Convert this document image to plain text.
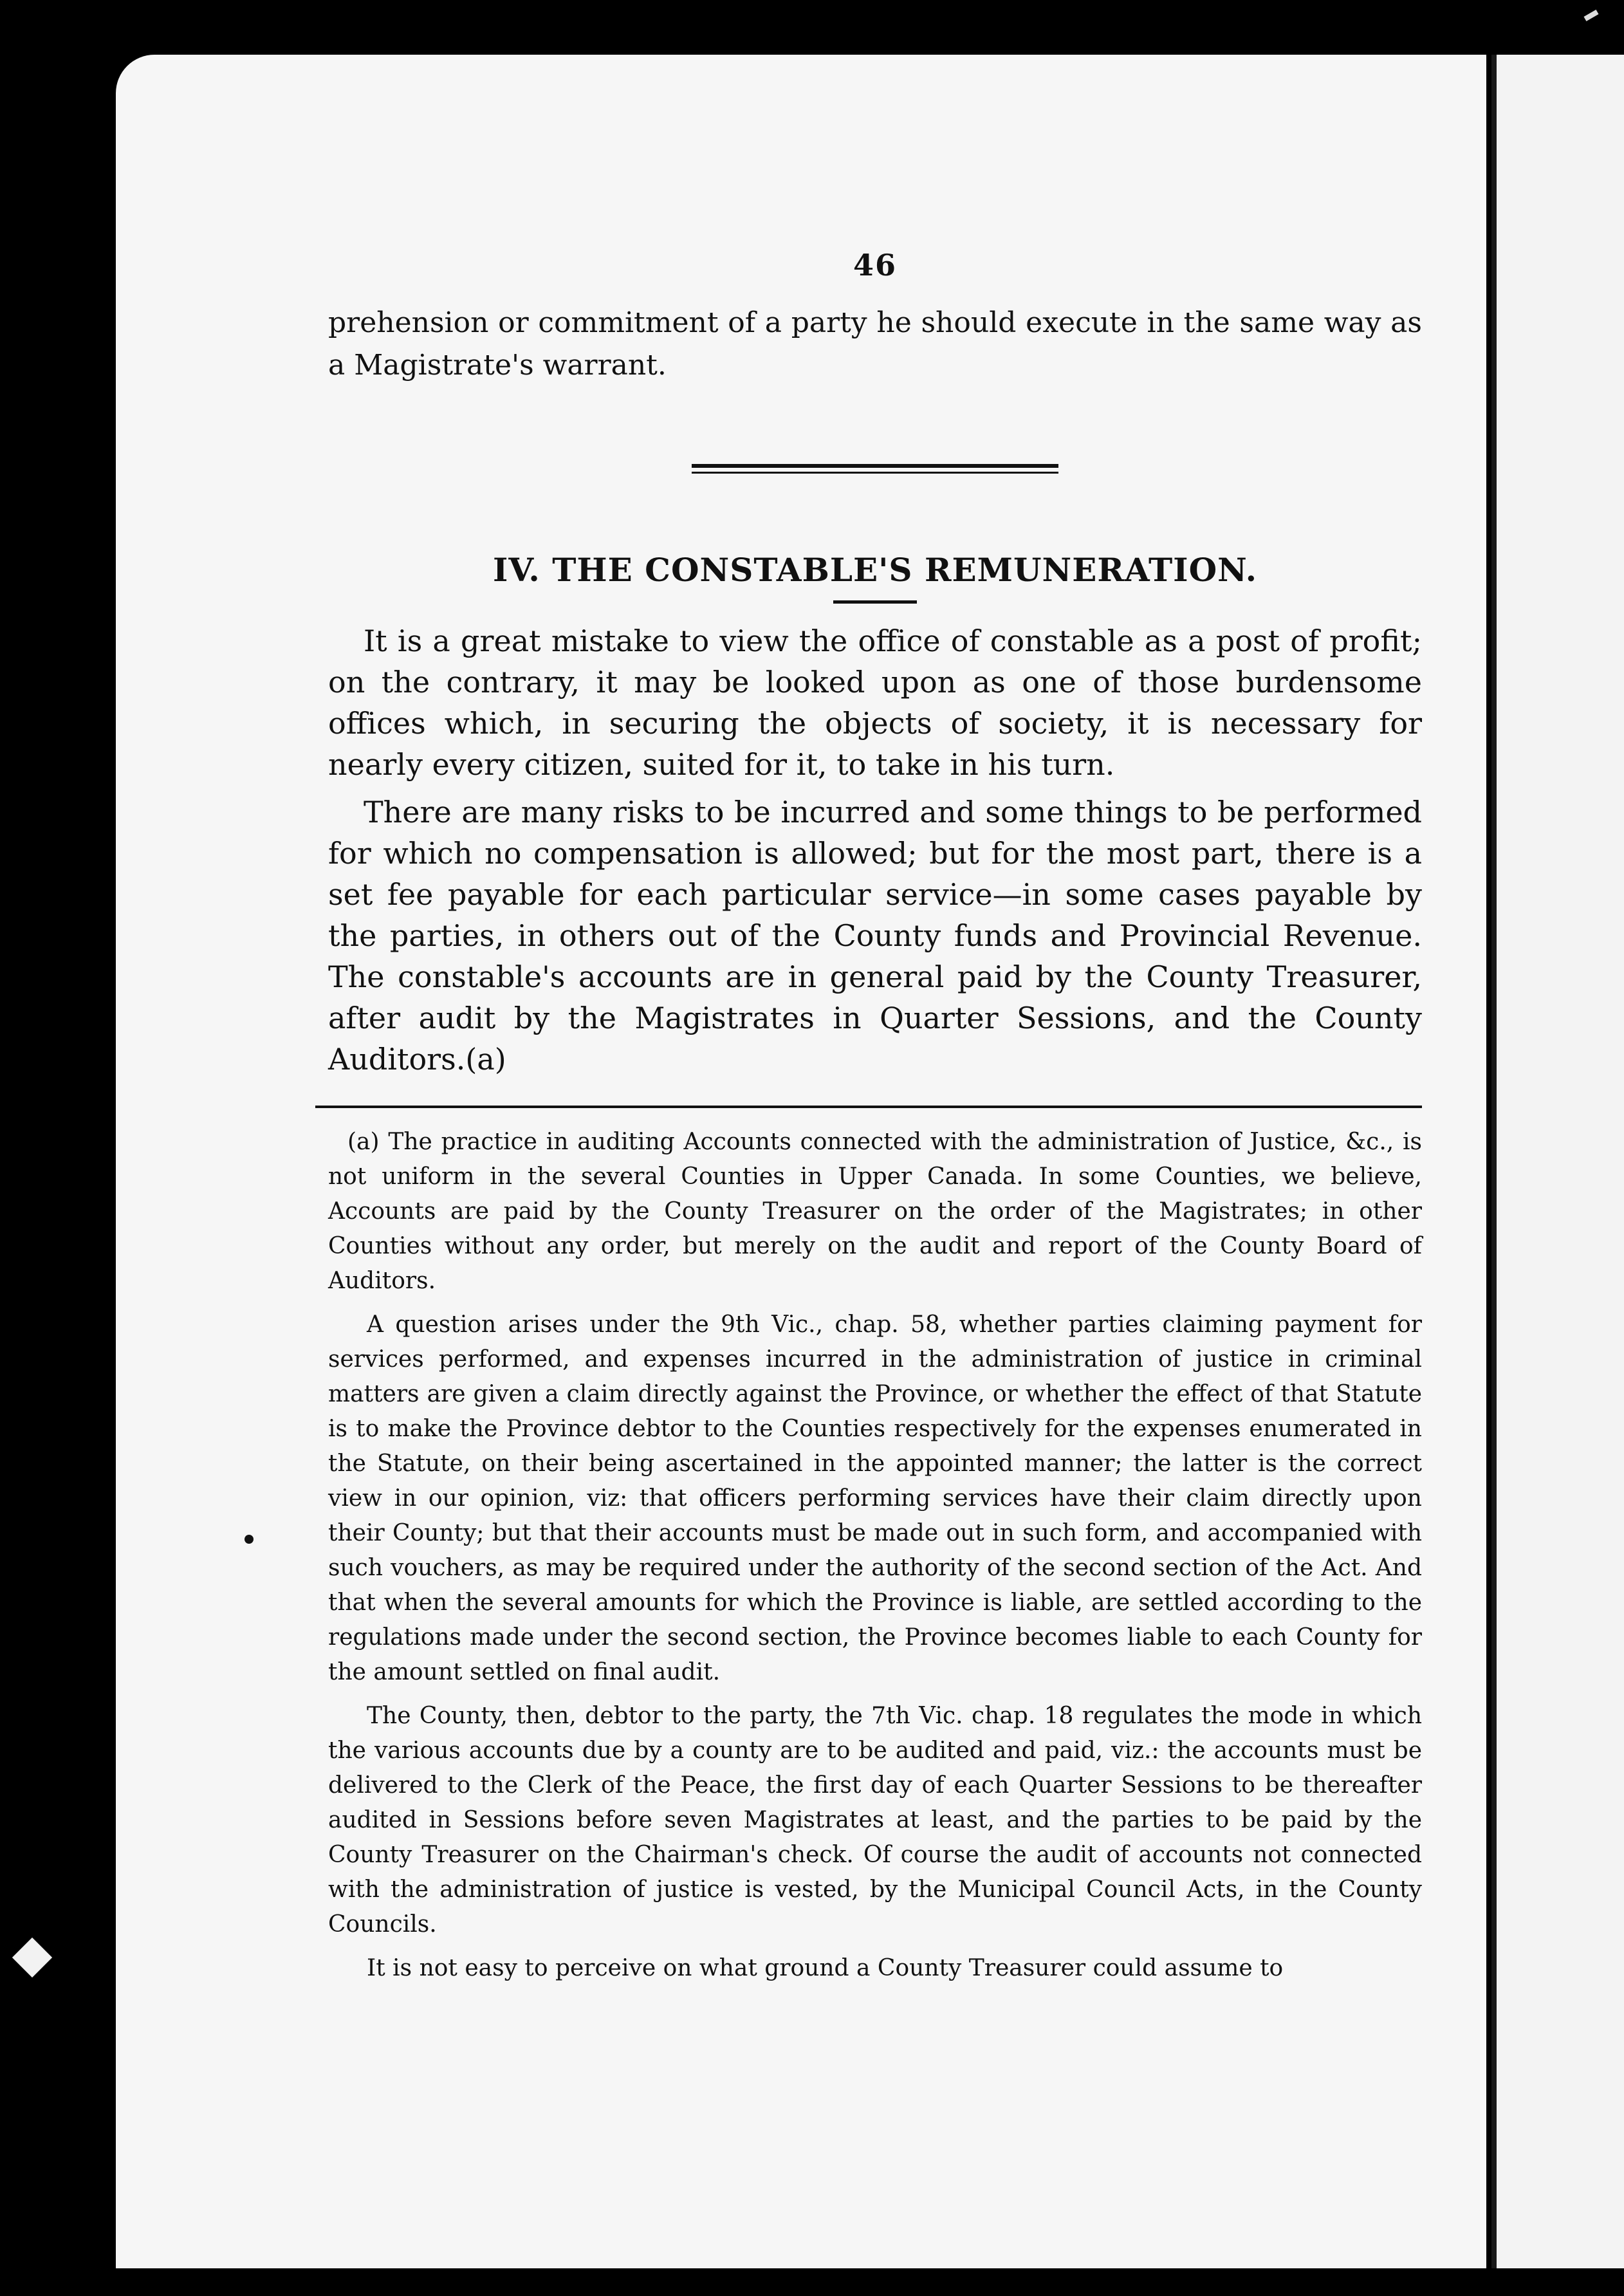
46

prehension or commitment of a party he should execute in the same way as a Magistrate's warrant.

IV. THE CONSTABLE'S REMUNERATION.

It is a great mistake to view the office of constable as a post of profit; on the contrary, it may be looked upon as one of those burdensome offices which, in securing the objects of society, it is necessary for nearly every citizen, suited for it, to take in his turn.

There are many risks to be incurred and some things to be performed for which no compensation is allowed; but for the most part, there is a set fee payable for each particular service—in some cases payable by the parties, in others out of the County funds and Provincial Revenue. The constable's accounts are in general paid by the County Treasurer, after audit by the Magistrates in Quarter Sessions, and the County Auditors.(a)

(a) The practice in auditing Accounts connected with the administration of Justice, &c., is not uniform in the several Counties in Upper Canada. In some Counties, we believe, Accounts are paid by the County Treasurer on the order of the Magistrates; in other Counties without any order, but merely on the audit and report of the County Board of Auditors.

A question arises under the 9th Vic., chap. 58, whether parties claiming payment for services performed, and expenses incurred in the administration of justice in criminal matters are given a claim directly against the Province, or whether the effect of that Statute is to make the Province debtor to the Counties respectively for the expenses enumerated in the Statute, on their being ascertained in the appointed manner; the latter is the correct view in our opinion, viz: that officers performing services have their claim directly upon their County; but that their accounts must be made out in such form, and accompanied with such vouchers, as may be required under the authority of the second section of the Act. And that when the several amounts for which the Province is liable, are settled according to the regulations made under the second section, the Province becomes liable to each County for the amount settled on final audit.

The County, then, debtor to the party, the 7th Vic. chap. 18 regulates the mode in which the various accounts due by a county are to be audited and paid, viz.: the accounts must be delivered to the Clerk of the Peace, the first day of each Quarter Sessions to be thereafter audited in Sessions before seven Magistrates at least, and the parties to be paid by the County Treasurer on the Chairman's check. Of course the audit of accounts not connected with the administration of justice is vested, by the Municipal Council Acts, in the County Councils.

It is not easy to perceive on what ground a County Treasurer could assume to
